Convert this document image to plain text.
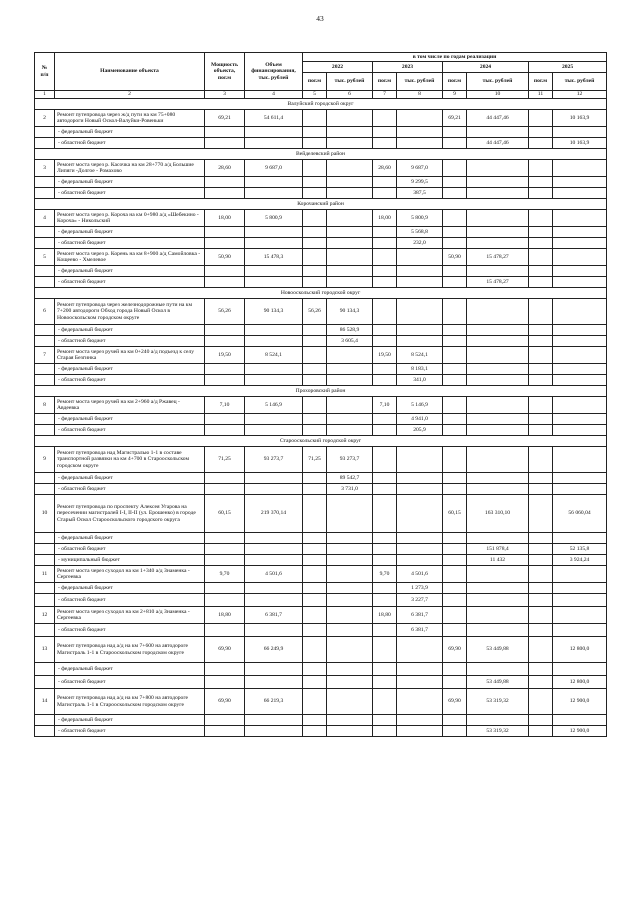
43
№
п/п	Наименование объекта	Мощность объекта, пог.м	Объем финансирования, тыс. рублей	в том числе по годам реализации							
				2022		2023		2024		2025	
				пог.м	тыс. рублей	пог.м	тыс. рублей	пог.м	тыс. рублей	пог.м	тыс. рублей
1	2	3	4	5	6	7	8	9	10	11	12
Валуйский городской округ											
2	Ремонт путепровода через ж/д пути на км 75+080 автодороги Новый Оскол-Валуйки-Ровеньки	69,21	54 611,4					69,21	44 447,46		10 163,9
	- федеральный бюджет										
	- областной бюджет								44 447,46		10 163,9
Вейделевский район											
3	Ремонт моста через р. Касочка на км 28+770 а/д Большие Липяги -Долгое - Ромахово	28,60	9 687,0			28,60	9 687,0				
	- федеральный бюджет						9 299,5				
	- областной бюджет						387,5				
Корочанский район											
4	Ремонт моста через р. Короча на км 0+980 а/д «Шебекино - Короча» - Никольский	18,00	5 800,9			18,00	5 800,9				
	- федеральный бюджет						5 568,8				
	- областной бюджет						232,0				
5	Ремонт моста через р. Корень на км 8+900 а/д Самойловка - Кощеево - Хмелевое	50,90	15 478,3					50,90	15 478,27		
	- федеральный бюджет										
	- областной бюджет								15 478,27		
Новооскольский городской округ											
6	Ремонт путепровода через железнодорожные пути на км 7+200 автодороги Обход города Новый Оскол в Новооскольском городском округе	56,26	90 134,3	56,26	90 134,3						
	- федеральный бюджет				86 528,9						
	- областной бюджет				3 605,4						
7	Ремонт моста через ручей на км 0+240 а/д подъезд к селу Старая Безгинка	19,50	8 524,1			19,50	8 524,1				
	- федеральный бюджет						8 183,1				
	- областной бюджет						341,0				
Прохоровский район											
8	Ремонт моста через ручей на км 2+960 а/д Ржавец - Авдеевка	7,10	5 146,9			7,10	5 146,9				
	- федеральный бюджет						4 941,0				
	- областной бюджет						205,9				
Старооскольский городской округ											
9	Ремонт путепровода над Магистралью 1-1 в составе транспортной развязки на км 4+700 в Старооскольском городском округе	71,25	93 273,7	71,25	93 273,7						
	- федеральный бюджет				89 542,7						
	- областной бюджет				3 731,0						
10	Ремонт путепровода по проспекту Алексея Угарова на пересечении магистралей I-I, II-II (ул. Ерошенко) в городе Старый Оскол Старооскольского городского округа	60,15	219 370,14					60,15	163 310,10		56 060,04
	- федеральный бюджет										
	- областной бюджет								151 878,4		52 135,8
	- муниципальный бюджет								11 432		3 924,24
11	Ремонт моста через суходол на км 1+340 а/д Знаменка - Сергеевка	9,70	4 501,6			9,70	4 501,6				
	- федеральный бюджет						1 273,9				
	- областной бюджет						3 227,7				
12	Ремонт моста через суходол на км 2+810 а/д Знаменка - Сергеевка	18,80	6 381,7			18,80	6 381,7				
	- областной бюджет						6 381,7				
13	Ремонт путепровода над а/д на км 7+600 на автодороге Магистраль 1-1 в Старооскольском городском округе	69,90	66 249,9					69,90	53 449,88		12 800,0
	- федеральный бюджет										
	- областной бюджет								53 449,88		12 800,0
14	Ремонт путепровода над а/д на км 7+800 на автодороге Магистраль 1-1 в Старооскольском городском округе	69,90	66 219,3					69,90	53 319,32		12 900,0
	- федеральный бюджет										
	- областной бюджет								53 319,32		12 900,0
